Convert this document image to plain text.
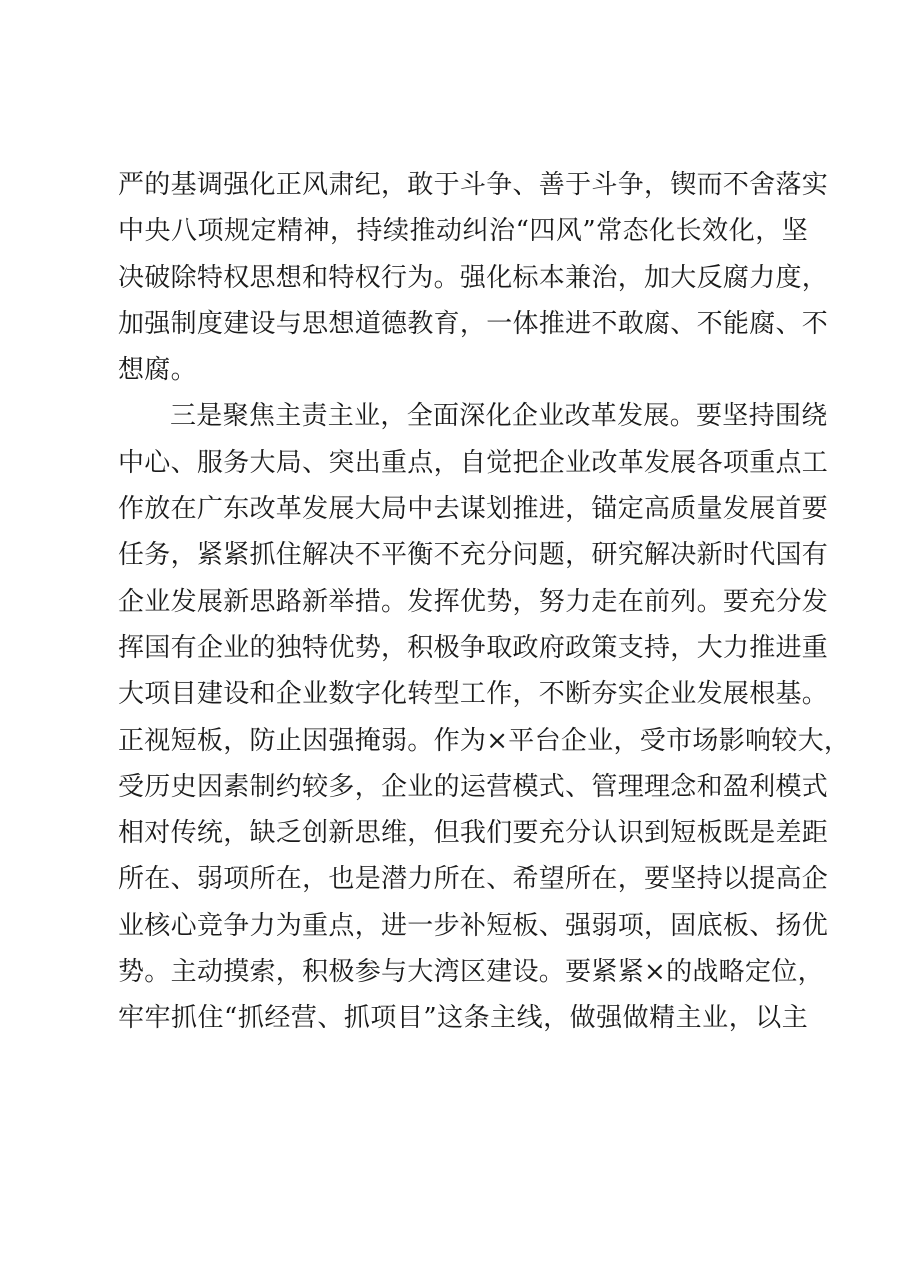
严的基调强化正风肃纪，敢于斗争、善于斗争，锲而不舍落实
中央八项规定精神，持续推动纠治“四风”常态化长效化，坚
决破除特权思想和特权行为。强化标本兼治，加大反腐力度，
加强制度建设与思想道德教育，一体推进不敢腐、不能腐、不
想腐。
三是聚焦主责主业，全面深化企业改革发展。要坚持围绕
中心、服务大局、突出重点，自觉把企业改革发展各项重点工
作放在广东改革发展大局中去谋划推进，锚定高质量发展首要
任务，紧紧抓住解决不平衡不充分问题，研究解决新时代国有
企业发展新思路新举措。发挥优势，努力走在前列。要充分发
挥国有企业的独特优势，积极争取政府政策支持，大力推进重
大项目建设和企业数字化转型工作，不断夯实企业发展根基。
正视短板，防止因强掩弱。作为×平台企业，受市场影响较大，
受历史因素制约较多，企业的运营模式、管理理念和盈利模式
相对传统，缺乏创新思维，但我们要充分认识到短板既是差距
所在、弱项所在，也是潜力所在、希望所在，要坚持以提高企
业核心竞争力为重点，进一步补短板、强弱项，固底板、扬优
势。主动摸索，积极参与大湾区建设。要紧紧×的战略定位，
牢牢抓住“抓经营、抓项目”这条主线，做强做精主业，以主
